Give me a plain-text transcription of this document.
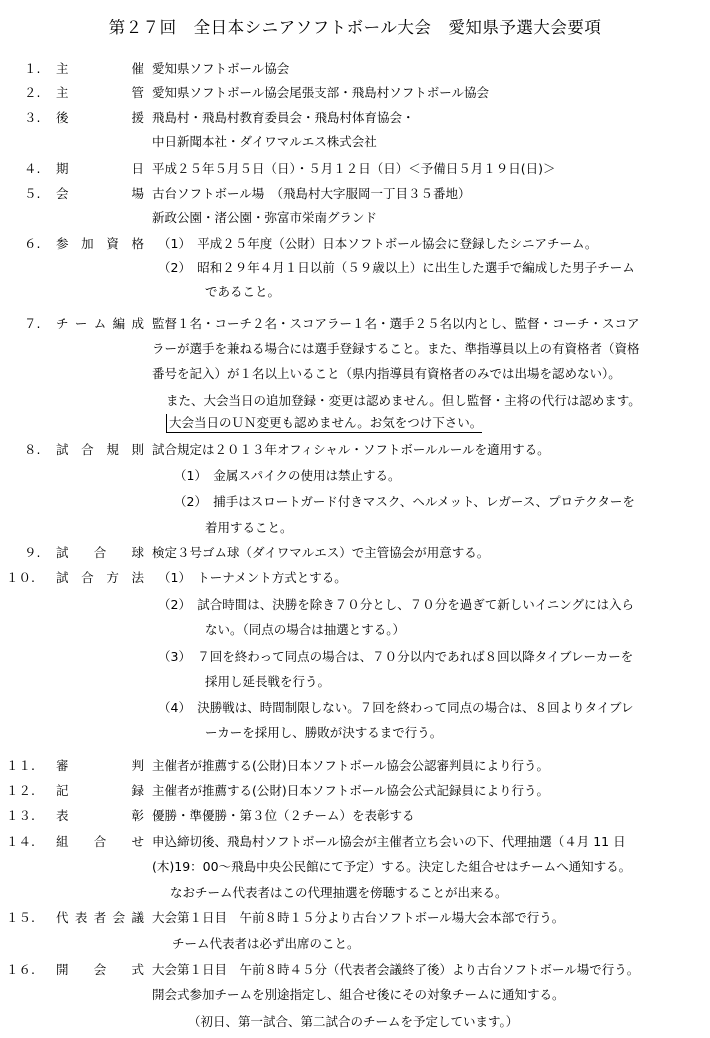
第２７回　全日本シニアソフトボール大会　愛知県予選大会要項
１.	主	催 愛知県ソフトボール協会
２.	主	管 愛知県ソフトボール協会尾張支部・飛島村ソフトボール協会
３.	後	援 飛島村・飛島村教育委員会・飛島村体育協会・
中日新聞本社・ダイワマルエス株式会社
４.	期	日 平成２５年５月５日（日）・５月１２日（日）＜予備日５月１９日(日)＞
５.	会	場 古台ソフトボール場　（飛島村大字服岡一丁目３５番地）
新政公園・渚公園・弥富市栄南グランド
６.	参 加 資 格 （1）　平成２５年度（公財）日本ソフトボール協会に登録したシニアチーム。
（2）　昭和２９年４月１日以前（５９歳以上）に出生した選手で編成した男子チーム
であること。
７.	チ ー ム 編 成 監督１名・コーチ２名・スコアラー１名・選手２５名以内とし、監督・コーチ・スコア
ラーが選手を兼ねる場合には選手登録すること。また、準指導員以上の有資格者（資格
番号を記入）が１名以上いること（県内指導員有資格者のみでは出場を認めない）。
また、大会当日の追加登録・変更は認めません。但し監督・主将の代行は認めます。
大会当日のＵＮ変更も認めません。お気をつけ下さい。
８.	試 合 規 則 試合規定は２０１３年オフィシャル・ソフトボールルールを適用する。
（1）　金属スパイクの使用は禁止する。
（2）　捕手はスロートガード付きマスク、ヘルメット、レガース、プロテクターを
着用すること。
９.	試 合 球 検定３号ゴム球（ダイワマルエス）で主管協会が用意する。
１０.	試 合 方 法 （1）　トーナメント方式とする。
（2）　試合時間は、決勝を除き７０分とし、７０分を過ぎて新しいイニングには入ら
ない。（同点の場合は抽選とする。）
（3）　７回を終わって同点の場合は、７０分以内であれば８回以降タイブレーカーを
採用し延長戦を行う。
（4）　決勝戦は、時間制限しない。７回を終わって同点の場合は、８回よりタイブレ
ーカーを採用し、勝敗が決するまで行う。
１１.	審	判 主催者が推薦する(公財)日本ソフトボール協会公認審判員により行う。
１２.	記	録 主催者が推薦する(公財)日本ソフトボール協会公式記録員により行う。
１３.	表	彰 優勝・準優勝・第３位（２チーム）を表彰する
１４.	組 合 せ 申込締切後、飛島村ソフトボール協会が主催者立ち会いの下、代理抽選（４月 11 日
(木)19：00〜飛島中央公民館にて予定）する。決定した組合せはチームへ通知する。
なおチーム代表者はこの代理抽選を傍聴することが出来る。
１５.	代 表 者 会 議 大会第１日目　午前８時１５分より古台ソフトボール場大会本部で行う。
チーム代表者は必ず出席のこと。
１６.	開 会 式 大会第１日目　午前８時４５分（代表者会議終了後）より古台ソフトボール場で行う。
開会式参加チームを別途指定し、組合せ後にその対象チームに通知する。
（初日、第一試合、第二試合のチームを予定しています。）
